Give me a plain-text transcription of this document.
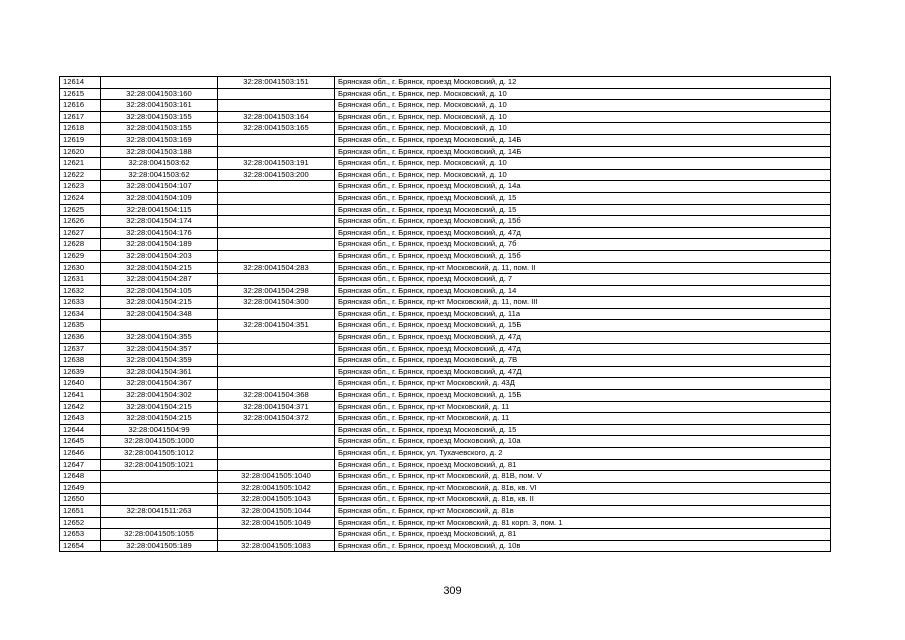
12614		32:28:0041503:151	Брянская обл., г. Брянск, проезд Московский, д. 12
12615	32:28:0041503:160		Брянская обл., г. Брянск, пер. Московский, д. 10
12616	32:28:0041503:161		Брянская обл., г. Брянск, пер. Московский, д. 10
12617	32:28:0041503:155	32:28:0041503:164	Брянская обл., г. Брянск, пер. Московский, д. 10
12618	32:28:0041503:155	32:28:0041503:165	Брянская обл., г. Брянск, пер. Московский, д. 10
12619	32:28:0041503:169		Брянская обл., г. Брянск, проезд Московский, д. 14Б
12620	32:28:0041503:188		Брянская обл., г. Брянск, проезд Московский, д. 14Б
12621	32:28:0041503:62	32:28:0041503:191	Брянская обл., г. Брянск, пер. Московский, д. 10
12622	32:28:0041503:62	32:28:0041503:200	Брянская обл., г. Брянск, пер. Московский, д. 10
12623	32:28:0041504:107		Брянская обл., г. Брянск, проезд Московский, д. 14а
12624	32:28:0041504:109		Брянская обл., г. Брянск, проезд Московский, д. 15
12625	32:28:0041504:115		Брянская обл., г. Брянск, проезд Московский, д. 15
12626	32:28:0041504:174		Брянская обл., г. Брянск, проезд Московский, д. 15б
12627	32:28:0041504:176		Брянская обл., г. Брянск, проезд Московский, д. 47д
12628	32:28:0041504:189		Брянская обл., г. Брянск, проезд Московский, д. 7б
12629	32:28:0041504:203		Брянская обл., г. Брянск, проезд Московский, д. 15б
12630	32:28:0041504:215	32:28:0041504:283	Брянская обл., г. Брянск, пр-кт Московский, д. 11, пом. II
12631	32:28:0041504:287		Брянская обл., г. Брянск, проезд Московский, д. 7
12632	32:28:0041504:105	32:28:0041504:298	Брянская обл., г. Брянск, проезд Московский, д. 14
12633	32:28:0041504:215	32:28:0041504:300	Брянская обл., г. Брянск, пр-кт Московский, д. 11, пом. III
12634	32:28:0041504:348		Брянская обл., г. Брянск, проезд Московский, д. 11а
12635		32:28:0041504:351	Брянская обл., г. Брянск, проезд Московский, д. 15Б
12636	32:28:0041504:355		Брянская обл., г. Брянск, проезд Московский, д. 47д
12637	32:28:0041504:357		Брянская обл., г. Брянск, проезд Московский, д. 47д
12638	32:28:0041504:359		Брянская обл., г. Брянск, проезд Московский, д. 7В
12639	32:28:0041504:361		Брянская обл., г. Брянск, проезд Московский, д. 47Д
12640	32:28:0041504:367		Брянская обл., г. Брянск, пр-кт Московский, д. 43Д
12641	32:28:0041504:302	32:28:0041504:368	Брянская обл., г. Брянск, проезд Московский, д. 15Б
12642	32:28:0041504:215	32:28:0041504:371	Брянская обл., г. Брянск, пр-кт Московский, д. 11
12643	32:28:0041504:215	32:28:0041504:372	Брянская обл., г. Брянск, пр-кт Московский, д. 11
12644	32:28:0041504:99		Брянская обл., г. Брянск, проезд Московский, д. 15
12645	32:28:0041505:1000		Брянская обл., г. Брянск, проезд Московский, д. 10а
12646	32:28:0041505:1012		Брянская обл., г. Брянск, ул. Тухачевского, д. 2
12647	32:28:0041505:1021		Брянская обл., г. Брянск, проезд Московский, д. 81
12648		32:28:0041505:1040	Брянская обл., г. Брянск, пр-кт Московский, д. 81В, пом. V
12649		32:28:0041505:1042	Брянская обл., г. Брянск, пр-кт Московский, д. 81в, кв. VI
12650		32:28:0041505:1043	Брянская обл., г. Брянск, пр-кт Московский, д. 81в, кв. II
12651	32:28:0041511:263	32:28:0041505:1044	Брянская обл., г. Брянск, пр-кт Московский, д. 81в
12652		32:28:0041505:1049	Брянская обл., г. Брянск, пр-кт Московский, д. 81 корп. 3, пом. 1
12653	32:28:0041505:1055		Брянская обл., г. Брянск, проезд Московский, д. 81
12654	32:28:0041505:189	32:28:0041505:1083	Брянская обл., г. Брянск, проезд Московский, д. 10в
309
